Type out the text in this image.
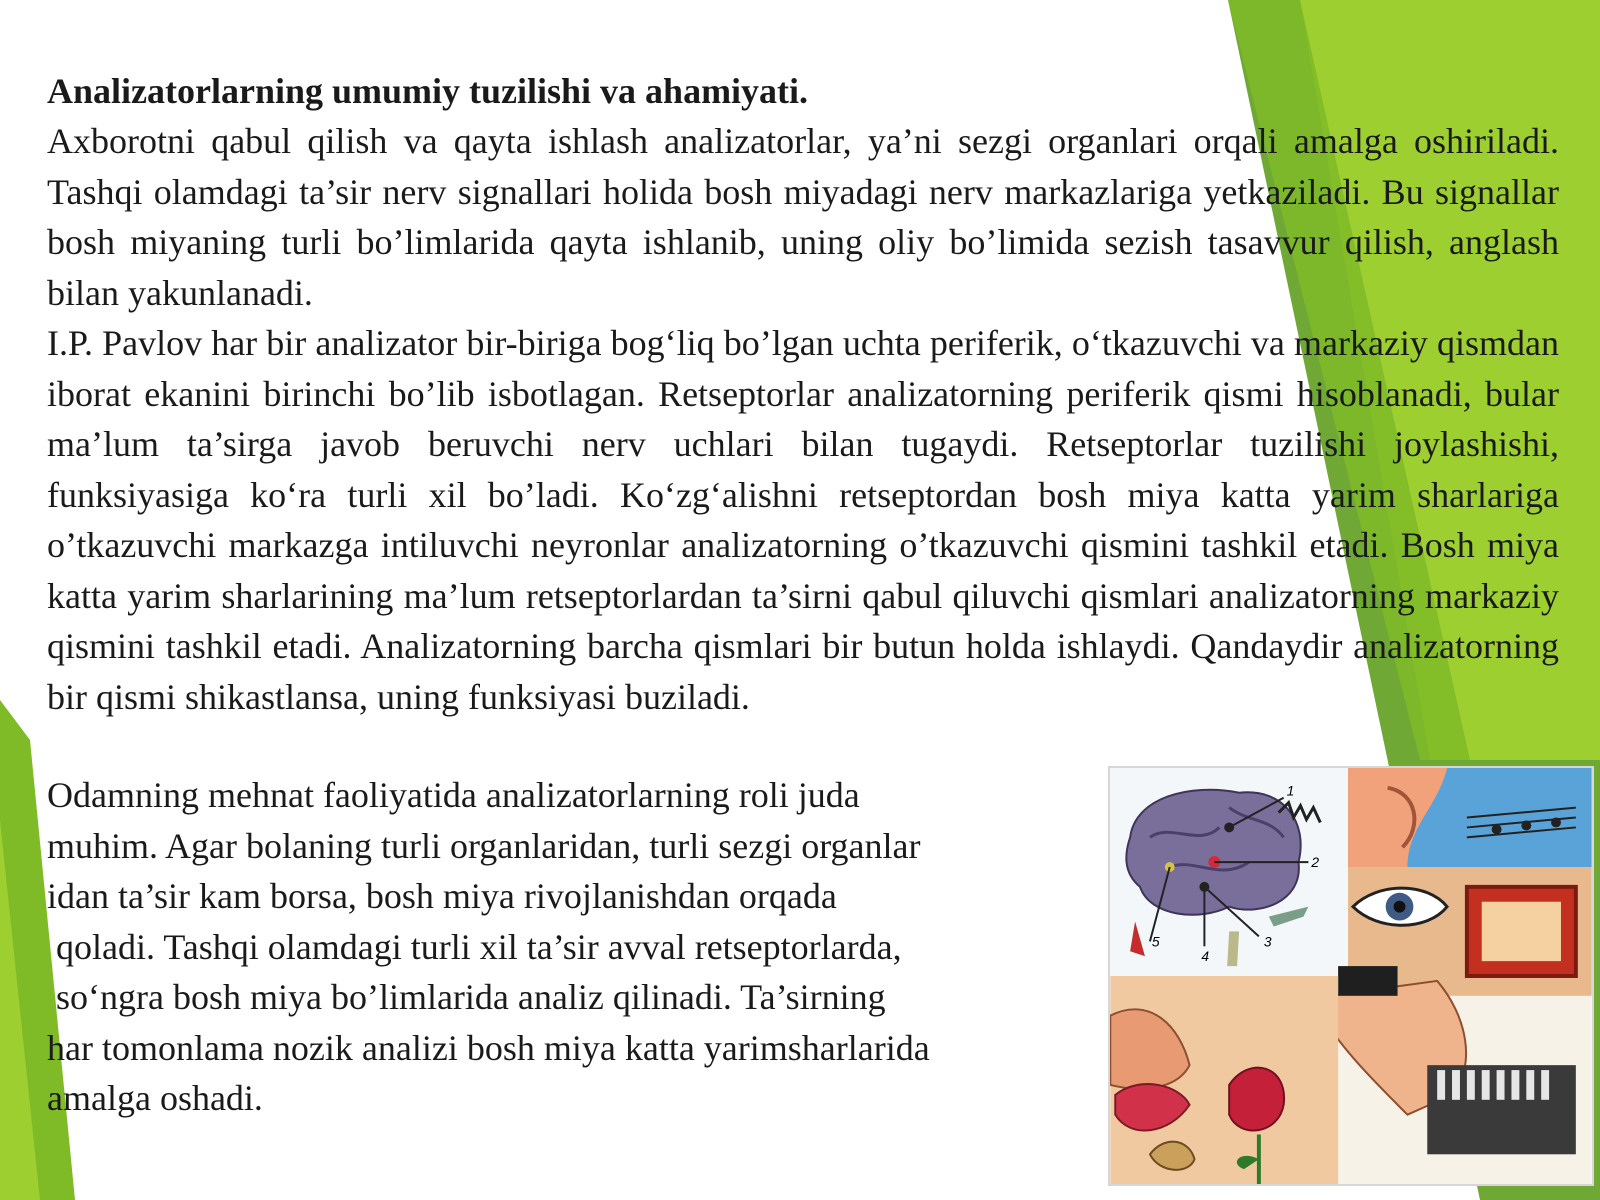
Analizatorlarning umumiy tuzilishi va ahamiyati.

Axborotni qabul qilish va qayta ishlash analizatorlar, ya’ni sezgi organlari orqali amalga oshiriladi. Tashqi olamdagi ta’sir nerv signallari holida bosh miyadagi nerv markazlariga yetkaziladi. Bu signallar bosh miyaning turli bo’limlarida qayta ishlanib, uning oliy bo’limida sezish tasavvur qilish, anglash bilan yakunlanadi.

I.P. Pavlov har bir analizator bir-biriga bog‘liq bo’lgan uchta periferik, o‘tkazuvchi va markaziy qismdan iborat ekanini birinchi bo’lib isbotlagan. Retseptorlar analizatorning periferik qismi hisoblanadi, bular ma’lum ta’sirga javob beruvchi nerv uchlari bilan tugaydi. Retseptorlar tuzilishi joylashishi, funksiyasiga ko‘ra turli xil bo’ladi. Ko‘zg‘alishni retseptordan bosh miya katta yarim sharlariga o’tkazuvchi markazga intiluvchi neyronlar analizatorning o’tkazuvchi qismini tashkil etadi. Bosh miya katta yarim sharlarining ma’lum retseptorlardan ta’sirni qabul qiluvchi qismlari analizatorning markaziy qismini tashkil etadi. Analizatorning barcha qismlari bir butun holda ishlaydi. Qandaydir analizatorning bir qismi shikastlansa, uning funksiyasi buziladi.

Odamning mehnat faoliyatida analizatorlarning roli juda
muhim. Agar bolaning turli organlaridan, turli sezgi organlar
idan ta’sir kam borsa, bosh miya rivojlanishdan orqada
qoladi. Tashqi olamdagi turli xil ta’sir avval retseptorlarda,
so‘ngra bosh miya bo’limlarida analiz qilinadi. Ta’sirning
har tomonlama nozik analizi bosh miya katta yarimsharlarida
amalga oshadi.
1
2
3
4
5
